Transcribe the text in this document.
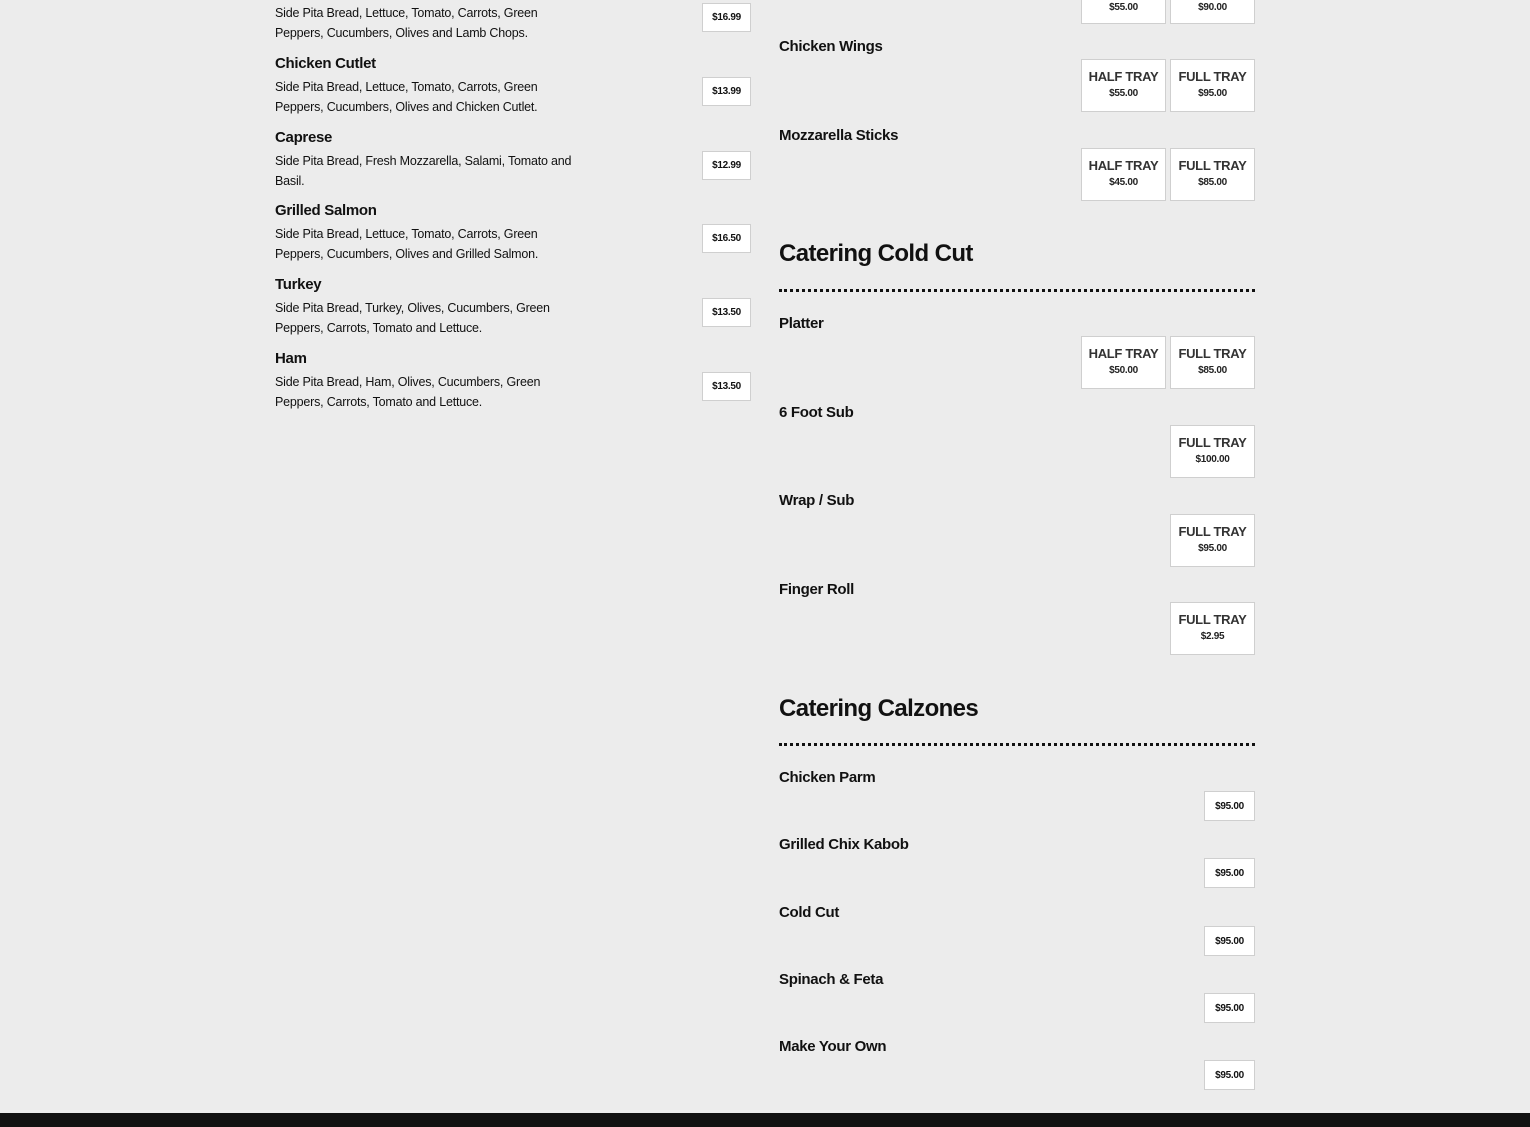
Side Pita Bread, Lettuce, Tomato, Carrots, Green Peppers, Cucumbers, Olives and Lamb Chops.
$16.99
Chicken Cutlet
Side Pita Bread, Lettuce, Tomato, Carrots, Green Peppers, Cucumbers, Olives and Chicken Cutlet.
$13.99
Caprese
Side Pita Bread, Fresh Mozzarella, Salami, Tomato and Basil.
$12.99
Grilled Salmon
Side Pita Bread, Lettuce, Tomato, Carrots, Green Peppers, Cucumbers, Olives and Grilled Salmon.
$16.50
Turkey
Side Pita Bread, Turkey, Olives, Cucumbers, Green Peppers, Carrots, Tomato and Lettuce.
$13.50
Ham
Side Pita Bread, Ham, Olives, Cucumbers, Green Peppers, Carrots, Tomato and Lettuce.
$13.50
$55.00	$90.00
Chicken Wings
HALF TRAY
$55.00
FULL TRAY
$95.00
Mozzarella Sticks
HALF TRAY
$45.00
FULL TRAY
$85.00
Catering Cold Cut
Platter
HALF TRAY
$50.00
FULL TRAY
$85.00
6 Foot Sub
FULL TRAY
$100.00
Wrap / Sub
FULL TRAY
$95.00
Finger Roll
FULL TRAY
$2.95
Catering Calzones
Chicken Parm
$95.00
Grilled Chix Kabob
$95.00
Cold Cut
$95.00
Spinach & Feta
$95.00
Make Your Own
$95.00
